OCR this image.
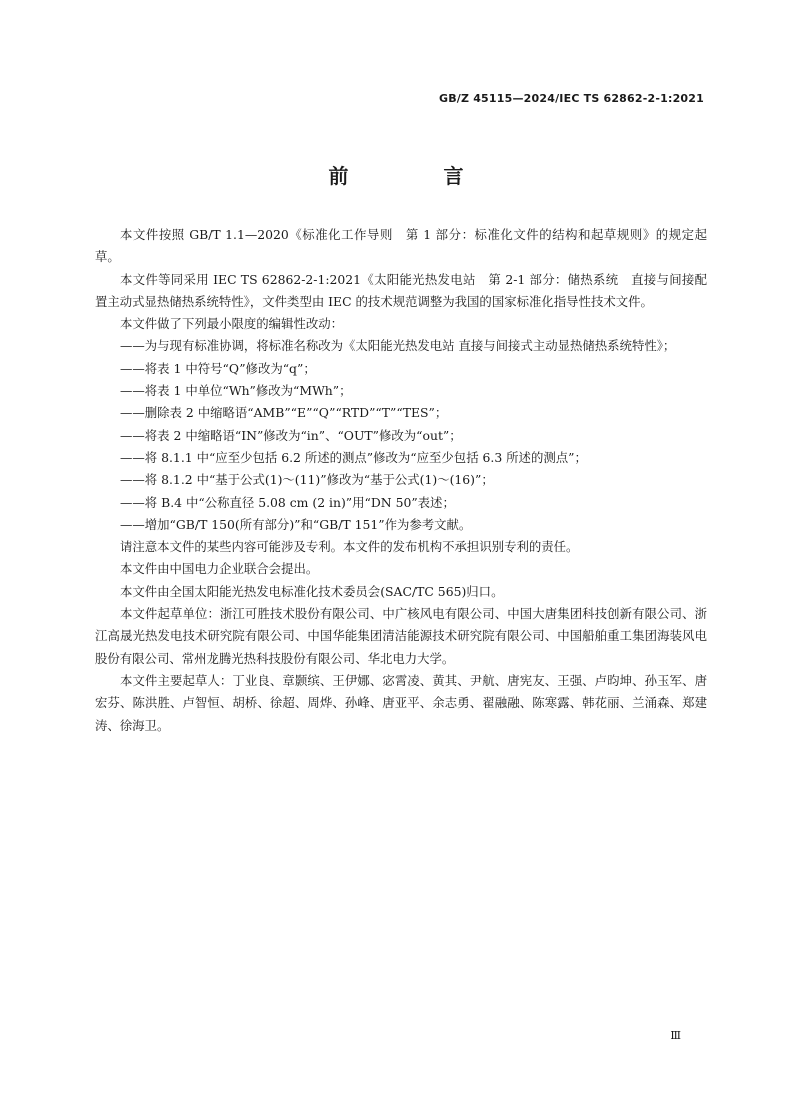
GB/Z 45115—2024/IEC TS 62862-2-1:2021
前 言

本文件按照 GB/T 1.1—2020《标准化工作导则　第 1 部分：标准化文件的结构和起草规则》的规定起草。

本文件等同采用 IEC TS 62862-2-1:2021《太阳能光热发电站　第 2-1 部分：储热系统　直接与间接配置主动式显热储热系统特性》，文件类型由 IEC 的技术规范调整为我国的国家标准化指导性技术文件。

本文件做了下列最小限度的编辑性改动：

——为与现有标准协调，将标准名称改为《太阳能光热发电站 直接与间接式主动显热储热系统特性》；

——将表 1 中符号“Q”修改为“q”；

——将表 1 中单位“Wh”修改为“MWh”；

——删除表 2 中缩略语“AMB”“E”“Q”“RTD”“T”“TES”；

——将表 2 中缩略语“IN”修改为“in”、“OUT”修改为“out”；

——将 8.1.1 中“应至少包括 6.2 所述的测点”修改为“应至少包括 6.3 所述的测点”；

——将 8.1.2 中“基于公式(1)～(11)”修改为“基于公式(1)～(16)”；

——将 B.4 中“公称直径 5.08 cm (2 in)”用“DN 50”表述；

——增加“GB/T 150(所有部分)”和“GB/T 151”作为参考文献。

请注意本文件的某些内容可能涉及专利。本文件的发布机构不承担识别专利的责任。

本文件由中国电力企业联合会提出。

本文件由全国太阳能光热发电标准化技术委员会(SAC/TC 565)归口。

本文件起草单位：浙江可胜技术股份有限公司、中广核风电有限公司、中国大唐集团科技创新有限公司、浙江高晟光热发电技术研究院有限公司、中国华能集团清洁能源技术研究院有限公司、中国船舶重工集团海装风电股份有限公司、常州龙腾光热科技股份有限公司、华北电力大学。

本文件主要起草人：丁业良、章颢缤、王伊娜、宓霄凌、黄其、尹航、唐宪友、王强、卢昀坤、孙玉军、唐宏芬、陈洪胜、卢智恒、胡桥、徐超、周烨、孙峰、唐亚平、余志勇、翟融融、陈寒露、韩花丽、兰涌森、郑建涛、徐海卫。

Ⅲ
